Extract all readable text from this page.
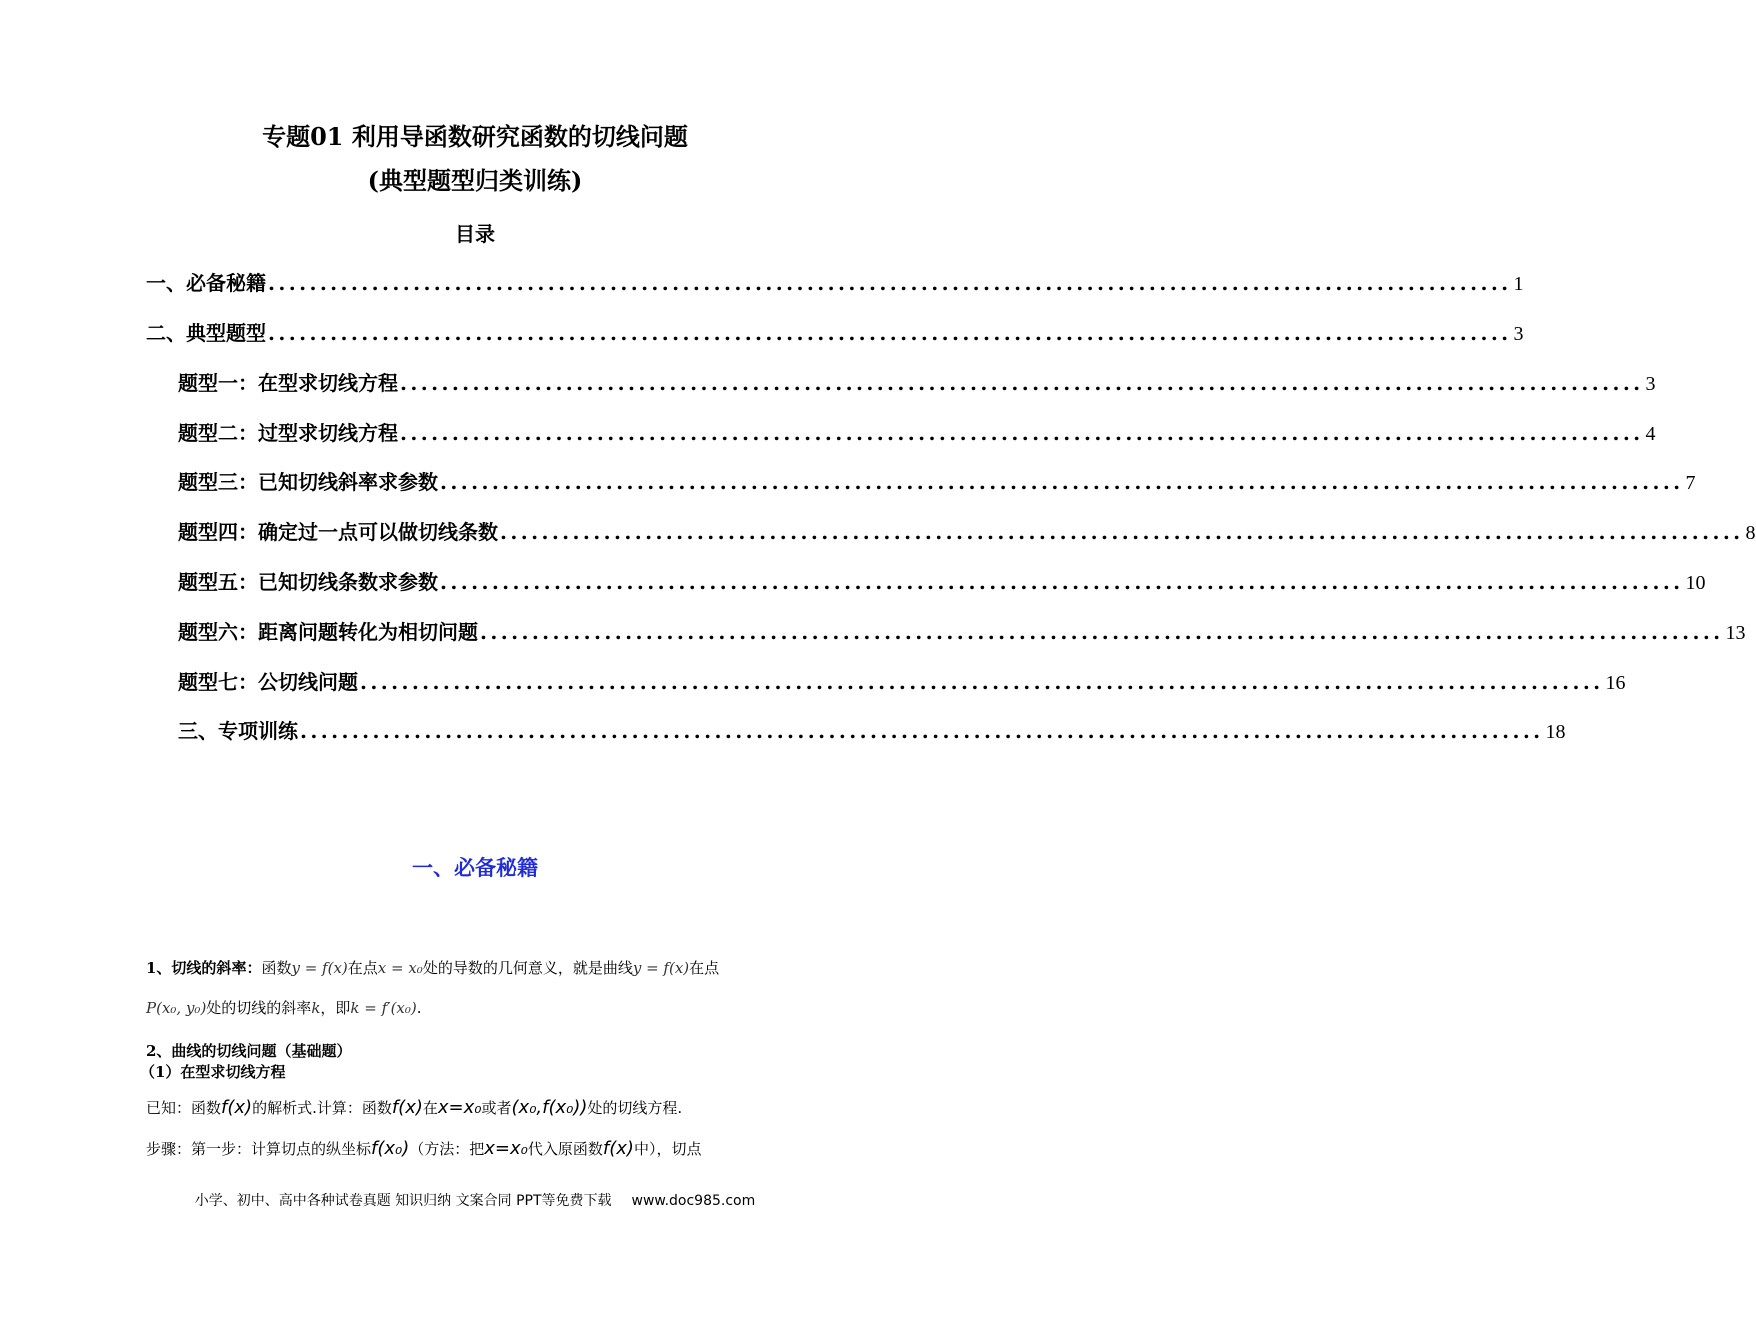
专题01 利用导函数研究函数的切线问题
(典型题型归类训练)
目录
一、必备秘籍 ........................................................................................................................ 1
二、典型题型 ........................................................................................................................ 3
题型一：在型求切线方程 ........................................................................................................................ 3
题型二：过型求切线方程 ........................................................................................................................ 4
题型三：已知切线斜率求参数 ........................................................................................................................ 7
题型四：确定过一点可以做切线条数 ........................................................................................................................ 8
题型五：已知切线条数求参数 ........................................................................................................................ 10
题型六：距离问题转化为相切问题 ........................................................................................................................ 13
题型七：公切线问题 ........................................................................................................................ 16
三、专项训练 ........................................................................................................................ 18
一、必备秘籍
1、切线的斜率：函数y = f(x)在点x = x₀处的导数的几何意义，就是曲线y = f(x)在点
P(x₀, y₀)处的切线的斜率k，即k = f′(x₀).
2、曲线的切线问题（基础题）
（1）在型求切线方程
已知：函数f(x)的解析式.计算：函数f(x)在x=x₀或者(x₀,f(x₀))处的切线方程.
步骤：第一步：计算切点的纵坐标f(x₀)（方法：把x=x₀代入原函数f(x)中），切点
小学、初中、高中各种试卷真题 知识归纳 文案合同 PPT等免费下载 www.doc985.com
